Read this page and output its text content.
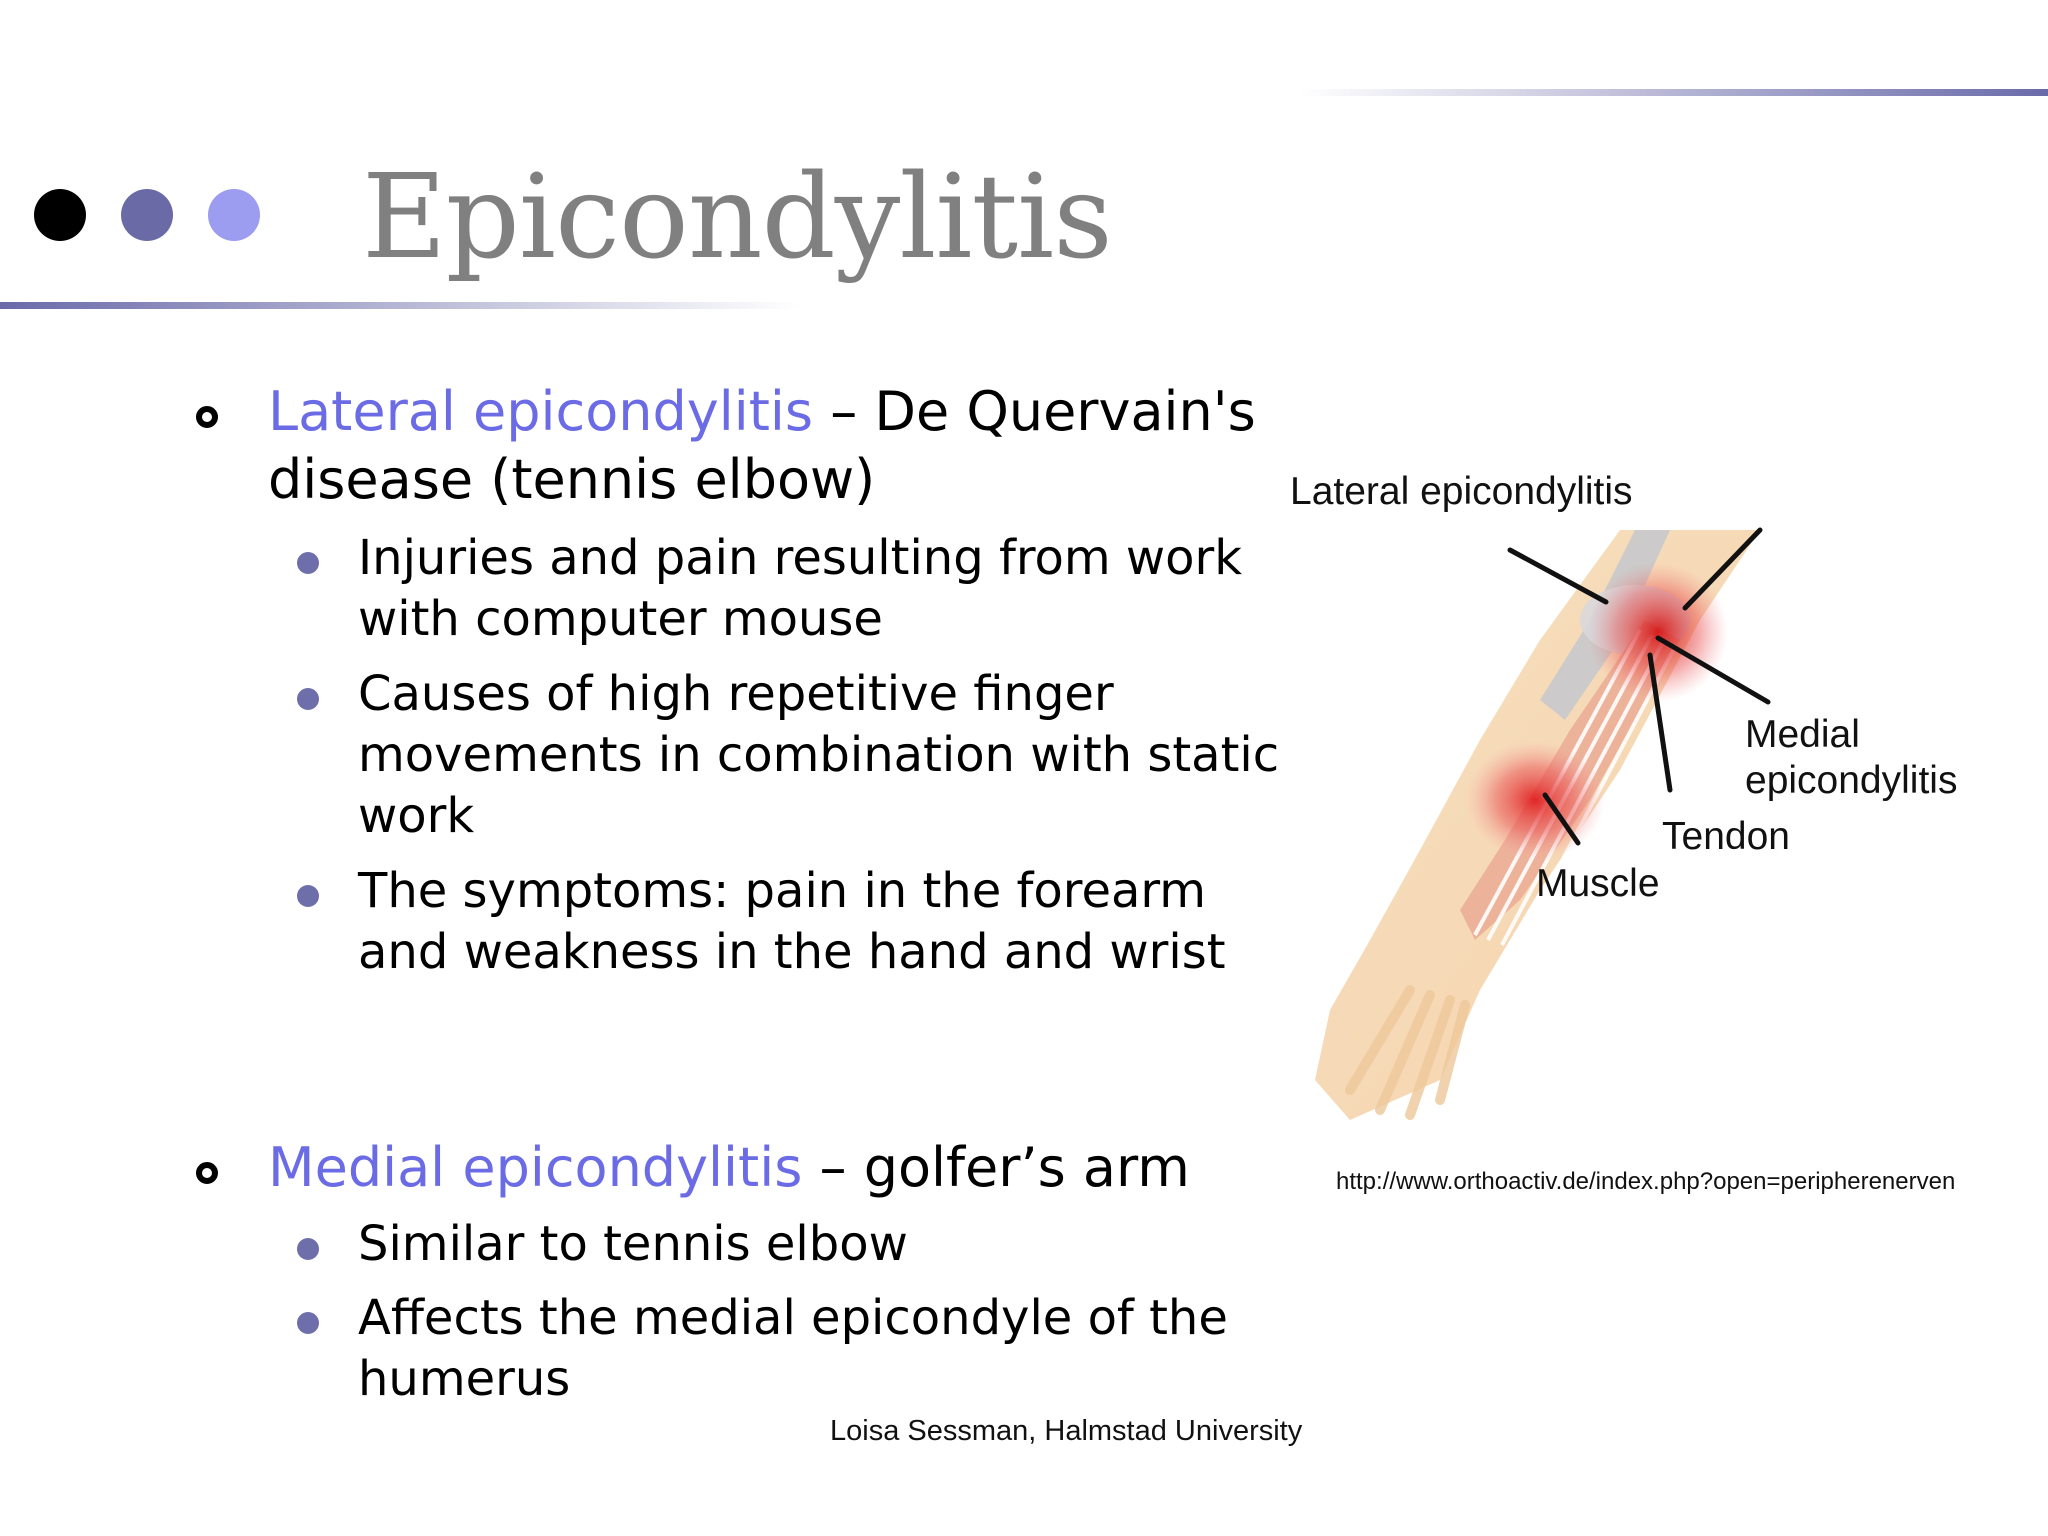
Epicondylitis
Lateral epicondylitis – De Quervain's disease (tennis elbow)
Injuries and pain resulting from work with computer mouse
Causes of high repetitive finger movements in combination with static work
The symptoms: pain in the forearm and weakness in the hand and wrist
Medial epicondylitis – golfer’s arm
Similar to tennis elbow
Affects the medial epicondyle of the humerus
Lateral epicondylitis
Medial
epicondylitis
Tendon
Muscle
http://www.orthoactiv.de/index.php?open=peripherenerven
Loisa Sessman, Halmstad University
